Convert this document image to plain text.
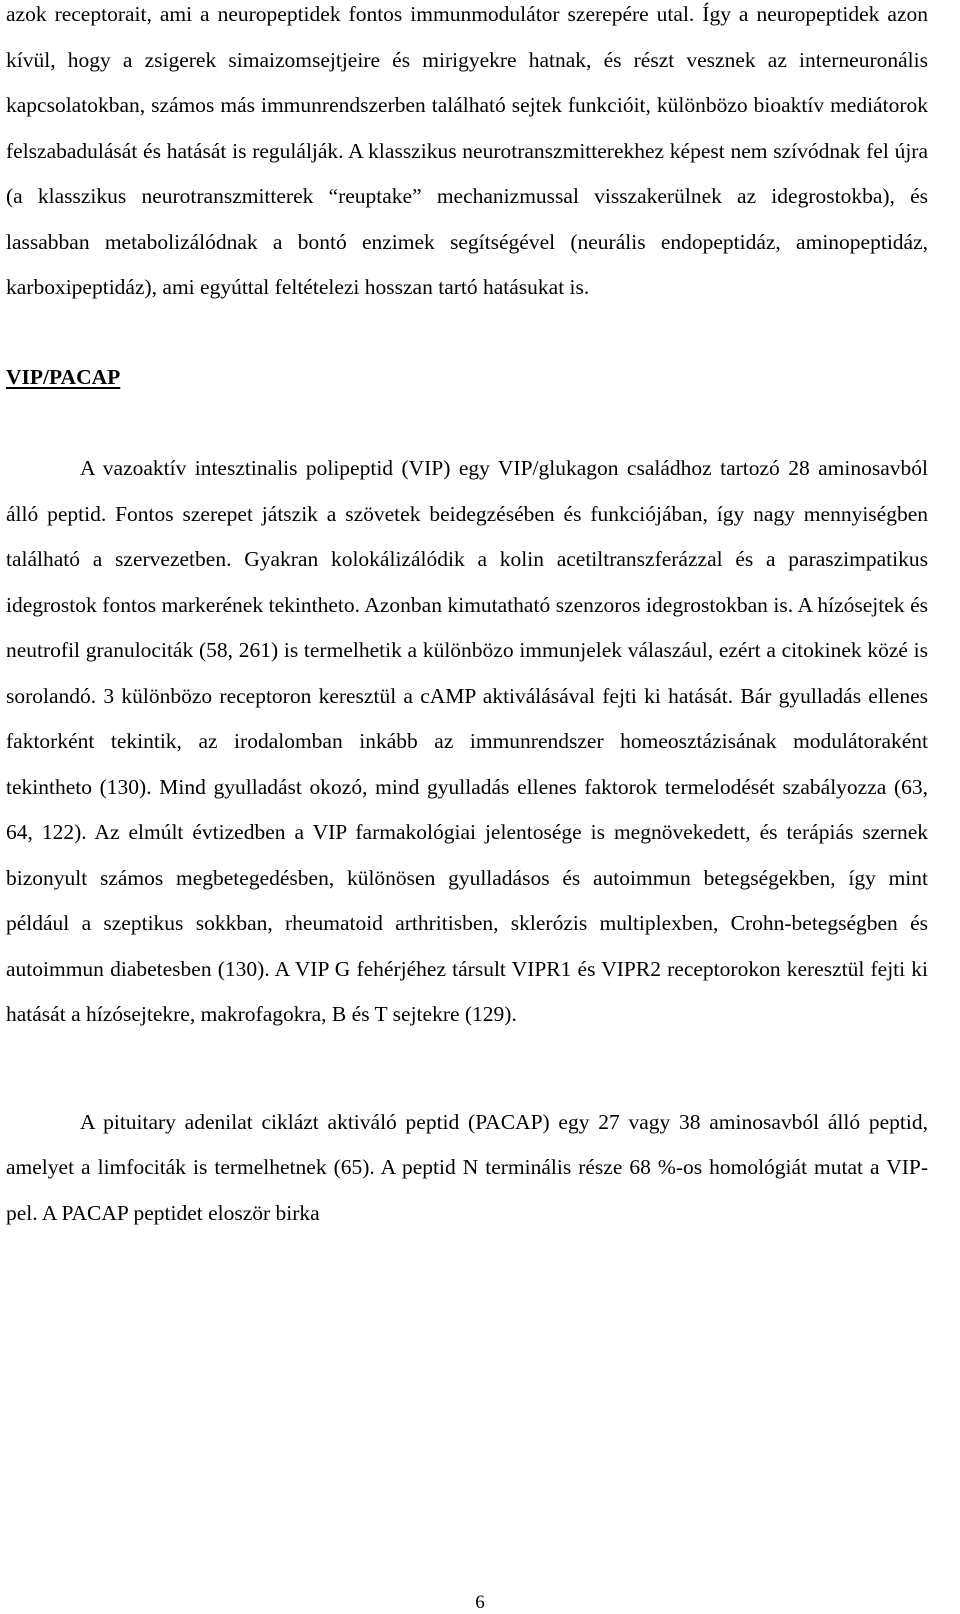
azok receptorait, ami a neuropeptidek fontos immunmodulátor szerepére utal. Így a neuropeptidek azon kívül, hogy a zsigerek simaizomsejtjeire és mirigyekre hatnak, és részt vesznek az interneuronális kapcsolatokban, számos más immunrendszerben található sejtek funkcióit, különbözo bioaktív mediátorok felszabadulását és hatását is regulálják. A klasszikus neurotranszmitterekhez képest nem szívódnak fel újra (a klasszikus neurotranszmitterek “reuptake” mechanizmussal visszakerülnek az idegrostokba), és lassabban metabolizálódnak a bontó enzimek segítségével (neurális endopeptidáz, aminopeptidáz, karboxipeptidáz), ami egyúttal feltételezi hosszan tartó hatásukat is.

VIP/PACAP

A vazoaktív intesztinalis polipeptid (VIP) egy VIP/glukagon családhoz tartozó 28 aminosavból álló peptid. Fontos szerepet játszik a szövetek beidegzésében és funkciójában, így nagy mennyiségben található a szervezetben. Gyakran kolokálizálódik a kolin acetiltranszferázzal és a paraszimpatikus idegrostok fontos markerének tekintheto. Azonban kimutatható szenzoros idegrostokban is. A hízósejtek és neutrofil granulociták (58, 261) is termelhetik a különbözo immunjelek válaszául, ezért a citokinek közé is sorolandó. 3 különbözo receptoron keresztül a cAMP aktiválásával fejti ki hatását. Bár gyulladás ellenes faktorként tekintik, az irodalomban inkább az immunrendszer homeosztázisának modulátoraként tekintheto (130). Mind gyulladást okozó, mind gyulladás ellenes faktorok termelodését szabályozza (63, 64, 122). Az elmúlt évtizedben a VIP farmakológiai jelentosége is megnövekedett, és terápiás szernek bizonyult számos megbetegedésben, különösen gyulladásos és autoimmun betegségekben, így mint például a szeptikus sokkban, rheumatoid arthritisben, sklerózis multiplexben, Crohn-betegségben és autoimmun diabetesben (130). A VIP G fehérjéhez társult VIPR1 és VIPR2 receptorokon keresztül fejti ki hatását a hízósejtekre, makrofagokra, B és T sejtekre (129).

A pituitary adenilat ciklázt aktiváló peptid (PACAP) egy 27 vagy 38 aminosavból álló peptid, amelyet a limfociták is termelhetnek (65). A peptid N terminális része 68 %-os homológiát mutat a VIP-pel. A PACAP peptidet eloször birka

6
